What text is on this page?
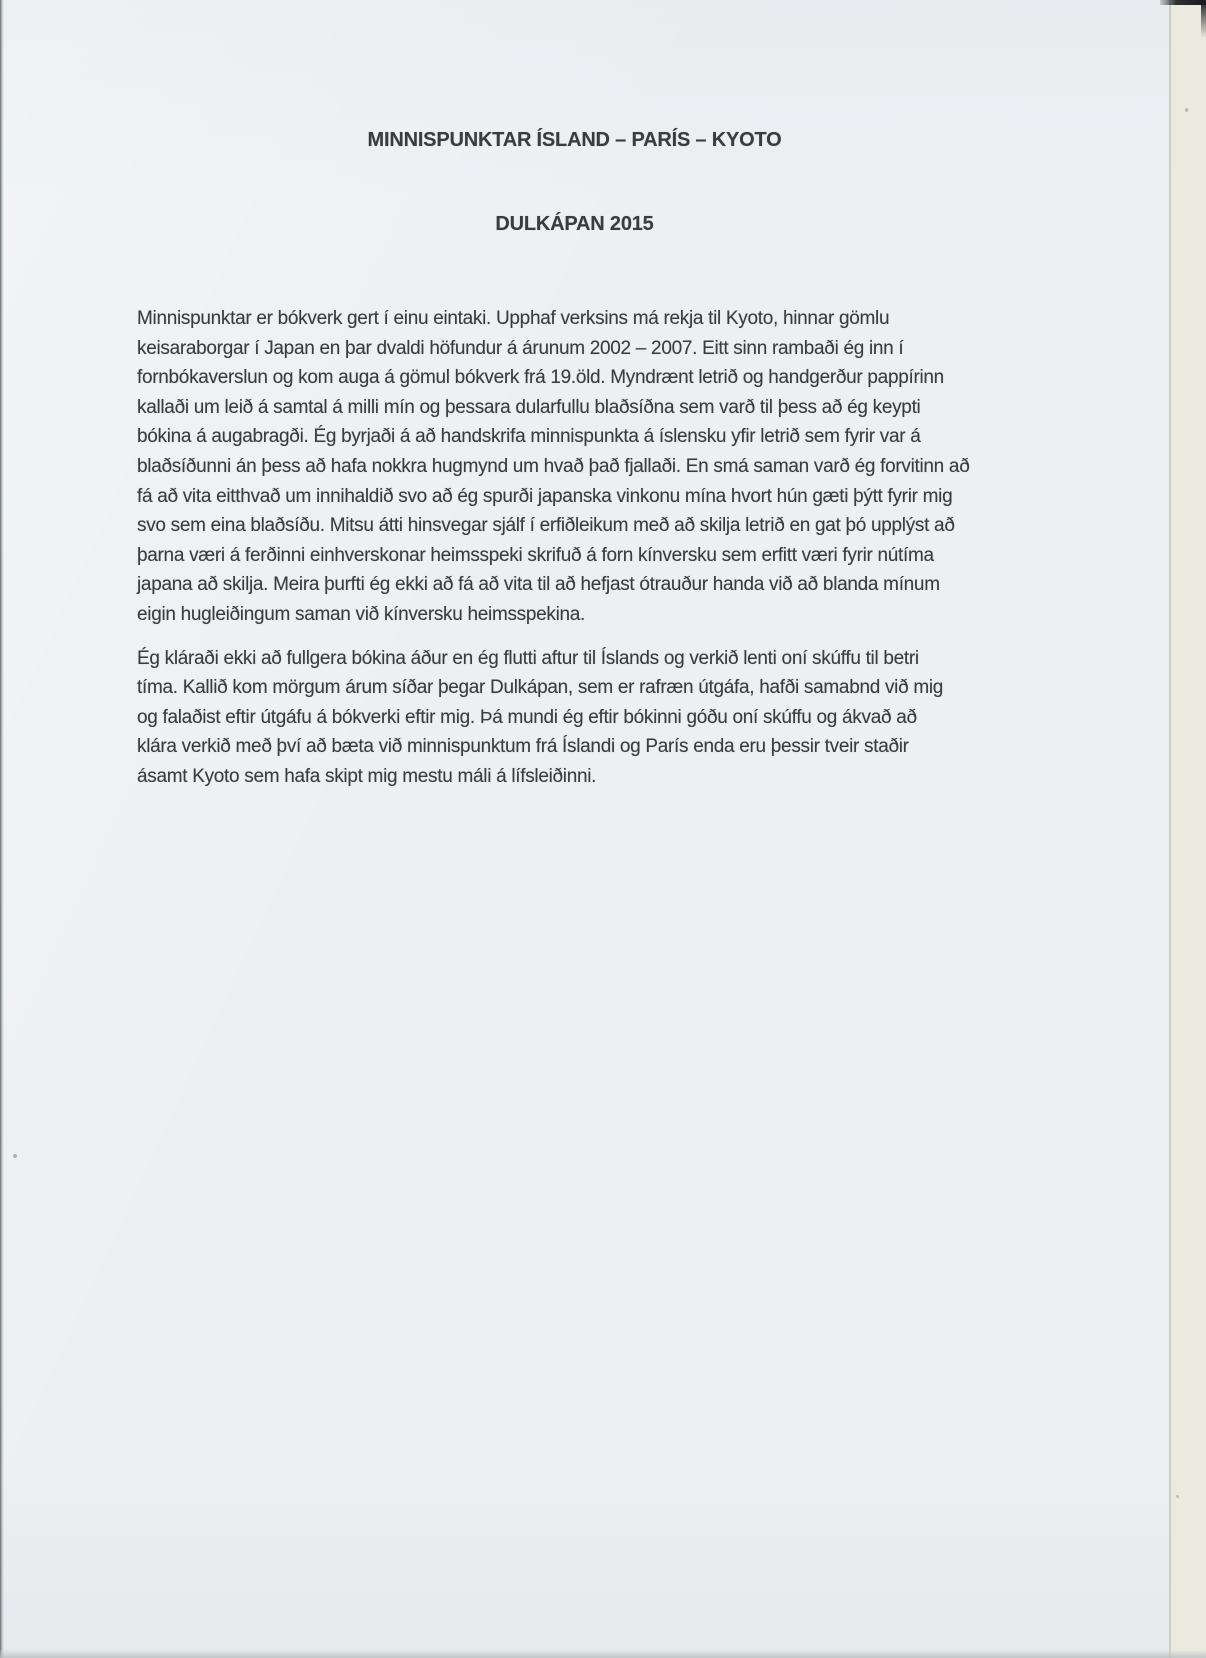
MINNISPUNKTAR ÍSLAND – PARÍS – KYOTO
DULKÁPAN 2015
Minnispunktar er bókverk gert í einu eintaki. Upphaf verksins má rekja til Kyoto, hinnar gömlu
keisaraborgar í Japan en þar dvaldi höfundur á árunum 2002 – 2007. Eitt sinn rambaði ég inn í
fornbókaverslun og kom auga á gömul bókverk frá 19.öld. Myndrænt letrið og handgerður pappírinn
kallaði um leið á samtal á milli mín og þessara dularfullu blaðsíðna sem varð til þess að ég keypti
bókina á augabragði. Ég byrjaði á að handskrifa minnispunkta á íslensku yfir letrið sem fyrir var á
blaðsíðunni án þess að hafa nokkra hugmynd um hvað það fjallaði. En smá saman varð ég forvitinn að
fá að vita eitthvað um innihaldið svo að ég spurði japanska vinkonu mína hvort hún gæti þýtt fyrir mig
svo sem eina blaðsíðu. Mitsu átti hinsvegar sjálf í erfiðleikum með að skilja letrið en gat þó upplýst að
þarna væri á ferðinni einhverskonar heimsspeki skrifuð á forn kínversku sem erfitt væri fyrir nútíma
japana að skilja. Meira þurfti ég ekki að fá að vita til að hefjast ótrauður handa við að blanda mínum
eigin hugleiðingum saman við kínversku heimsspekina.
Ég kláraði ekki að fullgera bókina áður en ég flutti aftur til Íslands og verkið lenti oní skúffu til betri
tíma. Kallið kom mörgum árum síðar þegar Dulkápan, sem er rafræn útgáfa, hafði samabnd við mig
og falaðist eftir útgáfu á bókverki eftir mig. Þá mundi ég eftir bókinni góðu oní skúffu og ákvað að
klára verkið með því að bæta við minnispunktum frá Íslandi og París enda eru þessir tveir staðir
ásamt Kyoto sem hafa skipt mig mestu máli á lífsleiðinni.
